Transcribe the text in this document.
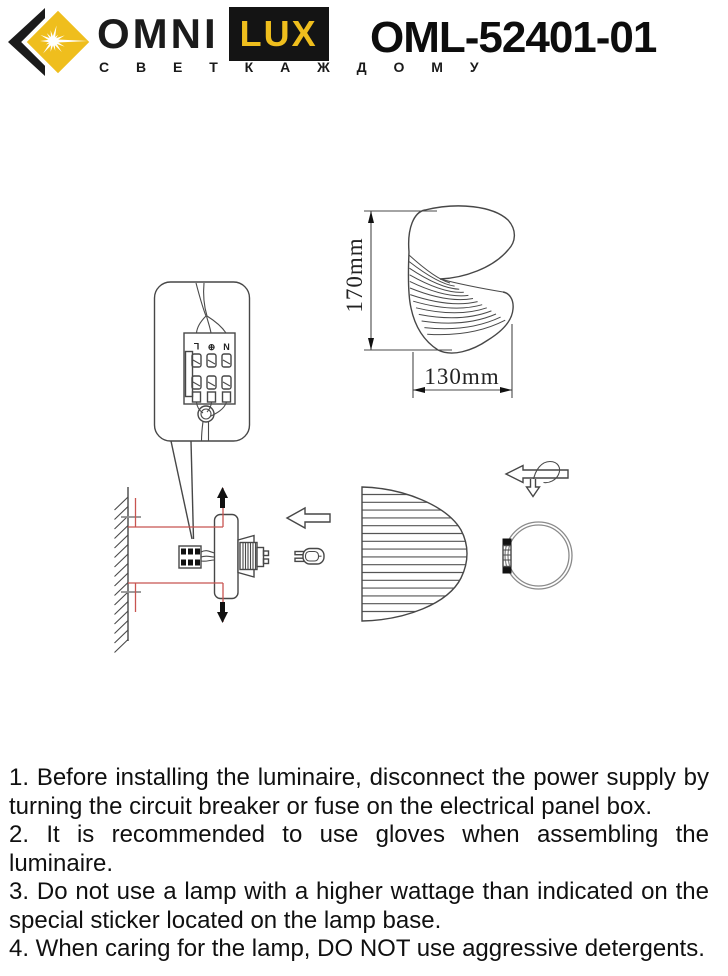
OMNI LUX
С В Е Т К А Ж Д О М У
OML-52401-01
L ⊕ N
170mm
130mm

1. Before installing the luminaire, disconnect the power supply by turning the circuit breaker or fuse on the electrical panel box.

2. It is recommended to use gloves when assembling the luminaire.

3. Do not use a lamp with a higher wattage than indicated on the special sticker located on the lamp base.

4. When caring for the lamp, DO NOT use aggressive detergents.
